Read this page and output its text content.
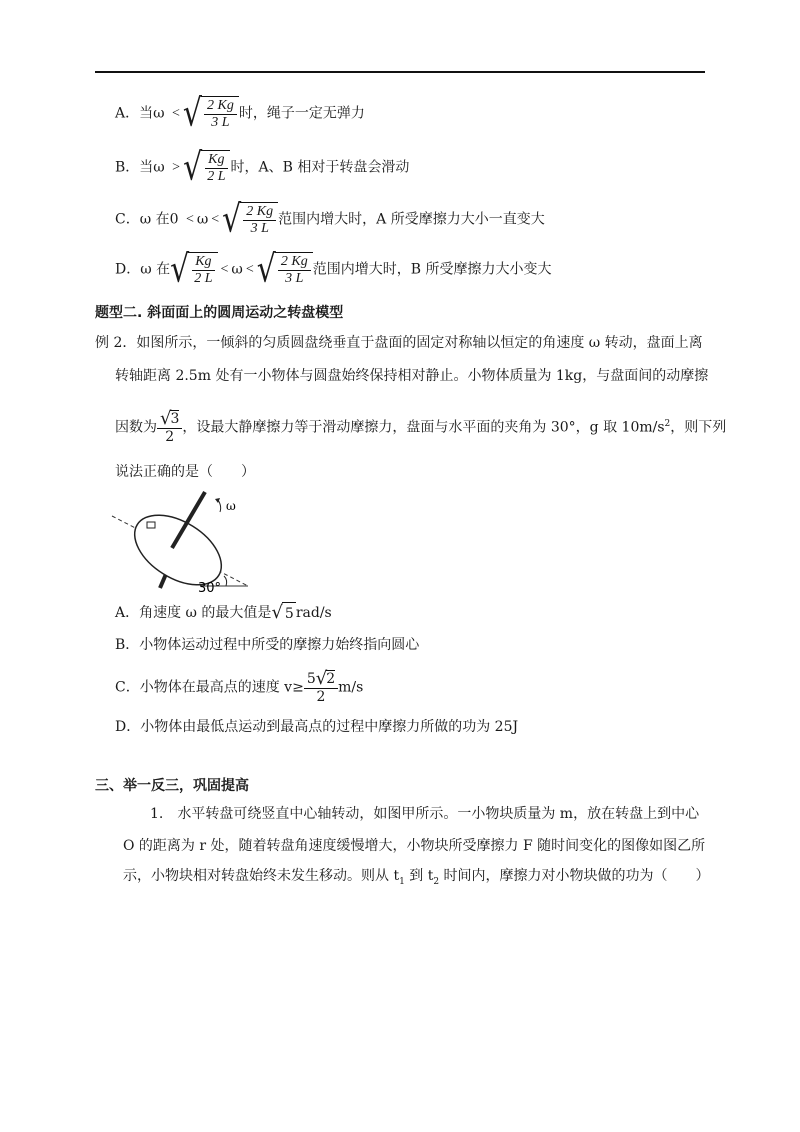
A．当ω < √ $\frac{2 Kg}{3 L}$ 时，绳子一定无弹力
B．当ω > √ $\frac{Kg}{2 L}$ 时，A、B 相对于转盘会滑动
C．ω 在0 < ω < √ $\frac{2 Kg}{3 L}$ 范围内增大时，A 所受摩擦力大小一直变大
D．ω 在 √ $\frac{Kg}{2 L} < \omega$ < √ $\frac{2 Kg}{3 L}$ 范围内增大时，B 所受摩擦力大小变大
题型二. 斜面面上的圆周运动之转盘模型
例 2．如图所示，一倾斜的匀质圆盘绕垂直于盘面的固定对称轴以恒定的角速度 ω 转动，盘面上离
转轴距离 2.5m 处有一小物体与圆盘始终保持相对静止。小物体质量为 1kg，与盘面间的动摩擦
因数为 $\frac{√3}{2}$ ，设最大静摩擦力等于滑动摩擦力，盘面与水平面的夹角为 30°，g 取 $10m/s^2$，则下列
说法正确的是（　　）
ω
30°
A．角速度 ω 的最大值是 √ 5 rad/s
B．小物体运动过程中所受的摩擦力始终指向圆心
C．小物体在最高点的速度 $v\ge \frac{5√2}{2} m/s$
D．小物体由最低点运动到最高点的过程中摩擦力所做的功为 25J
三、举一反三，巩固提高
1.　水平转盘可绕竖直中心轴转动，如图甲所示。一小物块质量为 m，放在转盘上到中心
O 的距离为 r 处，随着转盘角速度缓慢增大，小物块所受摩擦力 F 随时间变化的图像如图乙所
示，小物块相对转盘始终未发生移动。则从 $t_1$ 到 $t_2$ 时间内，摩擦力对小物块做的功为（　　）
